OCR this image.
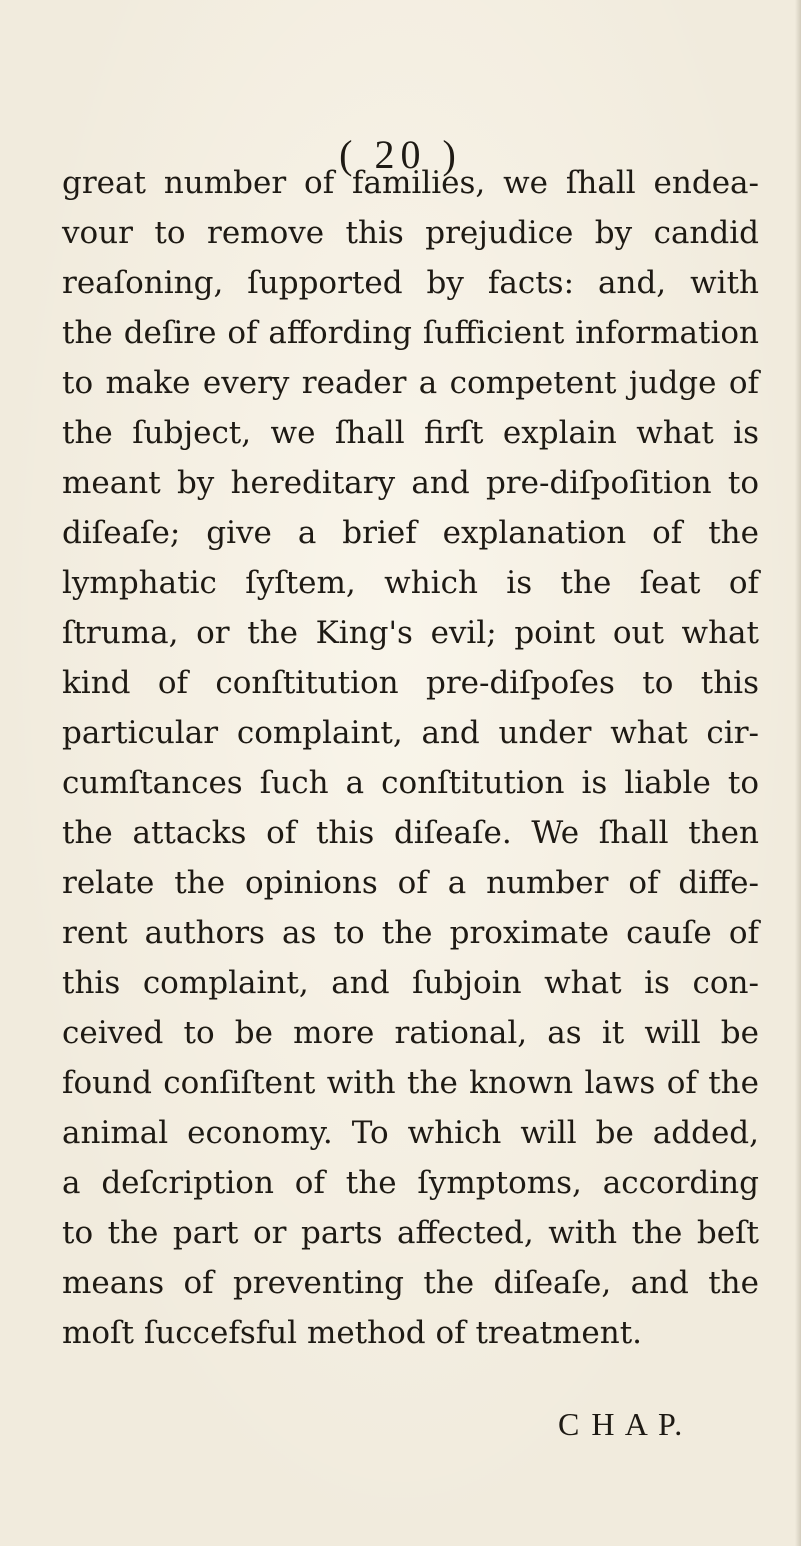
( 20 )
great number of families, we ſhall endea-
vour to remove this prejudice by candid
reaſoning, ſupported by facts: and, with
the deſire of affording ſufficient information
to make every reader a competent judge of
the ſubject, we ſhall firſt explain what is
meant by hereditary and pre-diſpoſition to
diſeaſe; give a brief explanation of the
lymphatic ſyſtem, which is the ſeat of
ſtruma, or the King's evil; point out what
kind of conſtitution pre-diſpoſes to this
particular complaint, and under what cir-
cumſtances ſuch a conſtitution is liable to
the attacks of this diſeaſe. We ſhall then
relate the opinions of a number of diffe-
rent authors as to the proximate cauſe of
this complaint, and ſubjoin what is con-
ceived to be more rational, as it will be
found conſiſtent with the known laws of the
animal economy. To which will be added,
a deſcription of the ſymptoms, according
to the part or parts affected, with the beſt
means of preventing the diſeaſe, and the
moſt ſuccefsful method of treatment.
C H A P.
